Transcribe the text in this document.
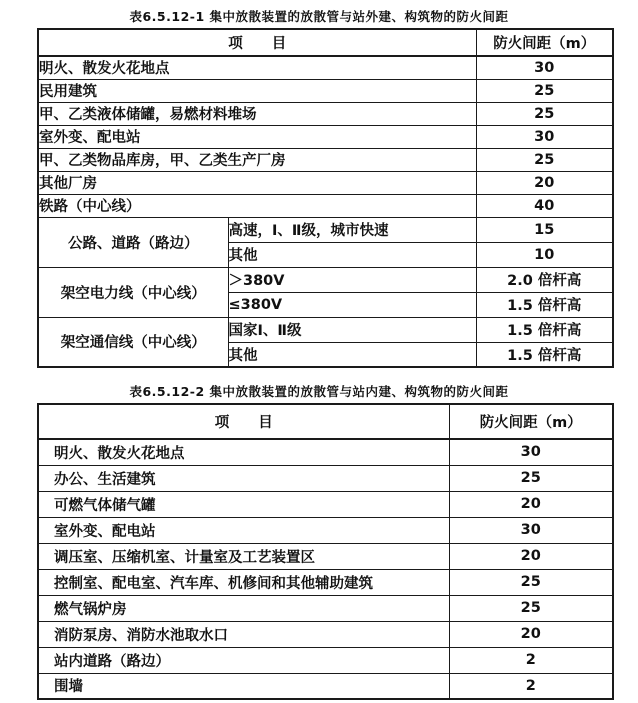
表6.5.12-1 集中放散装置的放散管与站外建、构筑物的防火间距
项　　目		防火间距（m）
明火、散发火花地点		30
民用建筑		25
甲、乙类液体储罐，易燃材料堆场		25
室外变、配电站		30
甲、乙类物品库房，甲、乙类生产厂房		25
其他厂房		20
铁路（中心线）		40
公路、道路（路边）	高速，Ⅰ、Ⅱ级，城市快速	15
	其他	10
架空电力线（中心线）	＞380V	2.0 倍杆高
	≤380V	1.5 倍杆高
架空通信线（中心线）	国家Ⅰ、Ⅱ级	1.5 倍杆高
	其他	1.5 倍杆高
表6.5.12-2 集中放散装置的放散管与站内建、构筑物的防火间距
项　　目	防火间距（m）
明火、散发火花地点	30
办公、生活建筑	25
可燃气体储气罐	20
室外变、配电站	30
调压室、压缩机室、计量室及工艺装置区	20
控制室、配电室、汽车库、机修间和其他辅助建筑	25
燃气锅炉房	25
消防泵房、消防水池取水口	20
站内道路（路边）	2
围墙	2
